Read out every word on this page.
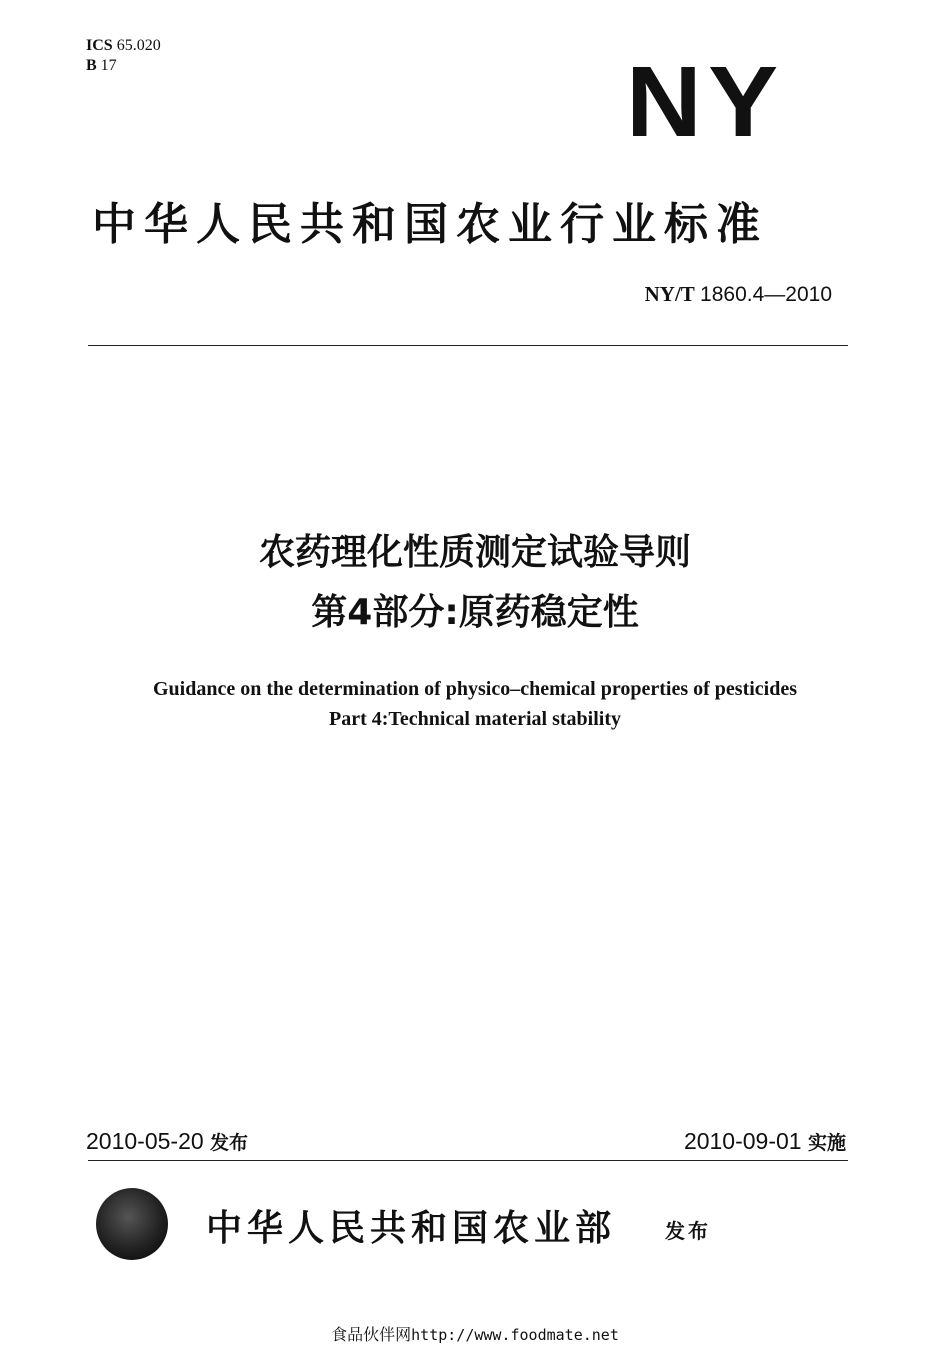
ICS 65.020
B 17	NY
中华人民共和国农业行业标准
NY/T 1860.4—2010
农药理化性质测定试验导则
第4部分:原药稳定性
Guidance on the determination of physico–chemical properties of pesticides
Part 4:Technical material stability
2010-05-20 发布	2010-09-01 实施
中华人民共和国农业部 发布
食品伙伴网http://www.foodmate.net
